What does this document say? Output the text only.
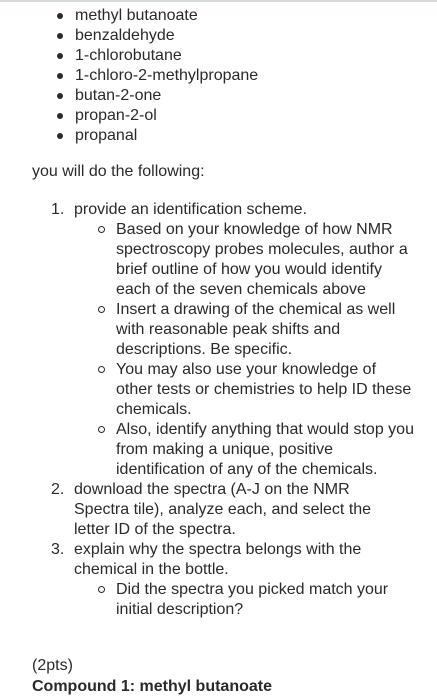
methyl butanoate
benzaldehyde
1-chlorobutane
1-chloro-2-methylpropane
butan-2-one
propan-2-ol
propanal

you will do the following:

1. provide an identification scheme.
Based on your knowledge of how NMR spectroscopy probes molecules, author a brief outline of how you would identify each of the seven chemicals above
Insert a drawing of the chemical as well with reasonable peak shifts and descriptions. Be specific.
You may also use your knowledge of other tests or chemistries to help ID these chemicals.
Also, identify anything that would stop you from making a unique, positive identification of any of the chemicals.
2. download the spectra (A-J on the NMR Spectra tile), analyze each, and select the letter ID of the spectra.
3. explain why the spectra belongs with the chemical in the bottle.
Did the spectra you picked match your initial description?

(2pts)

Compound 1: methyl butanoate
